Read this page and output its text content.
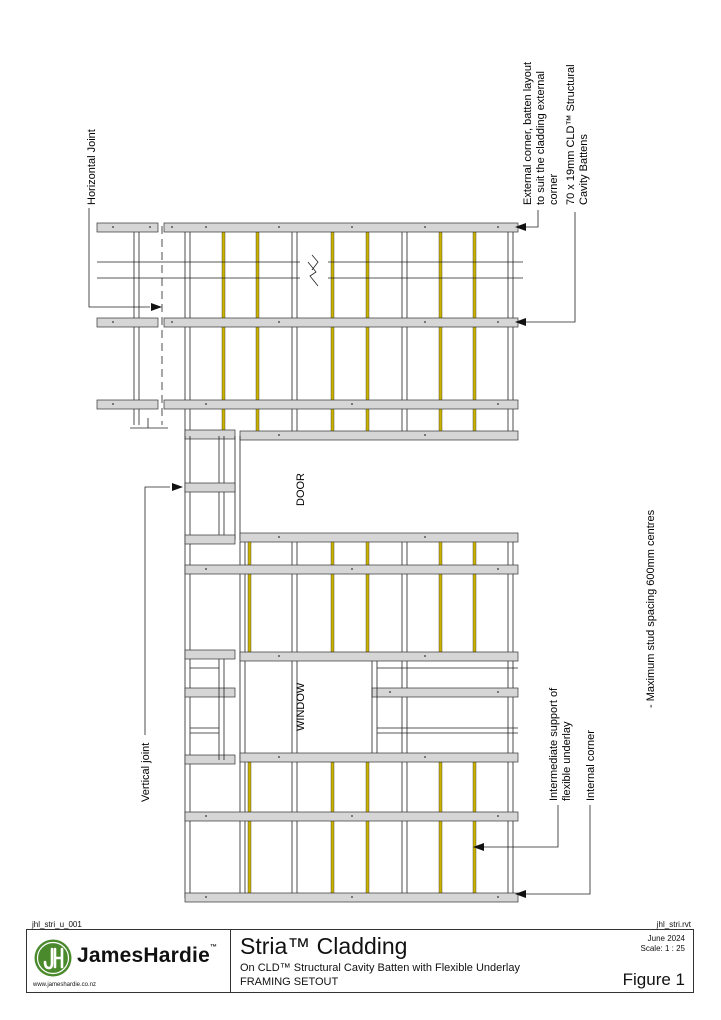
Horizontal Joint	External corner, batten layout to suit the cladding external corner 70 x 19mm CLD™ Structural Cavity Battens
DOOR
WINDOW
Vertical joint	Intermediate support of flexible underlay Internal corner
- Maximum stud spacing 600mm centres
jhl_stri_u_001	jhl_stri.rvt
JamesHardie™
www.jameshardie.co.nz
Stria™ Cladding
On CLD™ Structural Cavity Batten with Flexible Underlay
FRAMING SETOUT
June 2024
Scale: 1 : 25
Figure 1
